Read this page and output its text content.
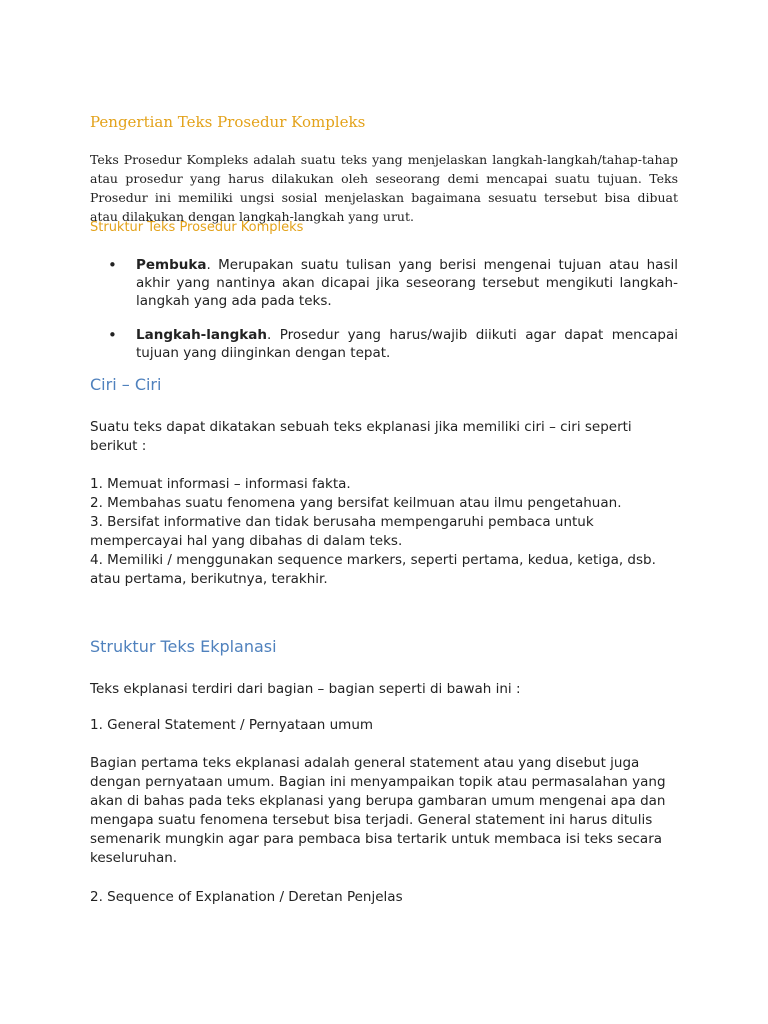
Pengertian Teks Prosedur Kompleks
Teks Prosedur Kompleks adalah suatu teks yang menjelaskan langkah-langkah/tahap-tahap atau prosedur yang harus dilakukan oleh seseorang demi mencapai suatu tujuan. Teks Prosedur ini memiliki ungsi sosial menjelaskan bagaimana sesuatu tersebut bisa dibuat atau dilakukan dengan langkah-langkah yang urut.
Struktur Teks Prosedur Kompleks
• Pembuka. Merupakan suatu tulisan yang berisi mengenai tujuan atau hasil akhir yang nantinya akan dicapai jika seseorang tersebut mengikuti langkah-langkah yang ada pada teks.
• Langkah-langkah. Prosedur yang harus/wajib diikuti agar dapat mencapai tujuan yang diinginkan dengan tepat.
Ciri – Ciri
Suatu teks dapat dikatakan sebuah teks ekplanasi jika memiliki ciri – ciri seperti berikut :

1. Memuat informasi – informasi fakta.

2. Membahas suatu fenomena yang bersifat keilmuan atau ilmu pengetahuan.

3. Bersifat informative dan tidak berusaha mempengaruhi pembaca untuk mempercayai hal yang dibahas di dalam teks.

4. Memiliki / menggunakan sequence markers, seperti pertama, kedua, ketiga, dsb. atau pertama, berikutnya, terakhir.

Struktur Teks Ekplanasi
Teks ekplanasi terdiri dari bagian – bagian seperti di bawah ini :
1. General Statement / Pernyataan umum
Bagian pertama teks ekplanasi adalah general statement atau yang disebut juga dengan pernyataan umum. Bagian ini menyampaikan topik atau permasalahan yang akan di bahas pada teks ekplanasi yang berupa gambaran umum mengenai apa dan mengapa suatu fenomena tersebut bisa terjadi. General statement ini harus ditulis semenarik mungkin agar para pembaca bisa tertarik untuk membaca isi teks secara keseluruhan.
2. Sequence of Explanation / Deretan Penjelas
